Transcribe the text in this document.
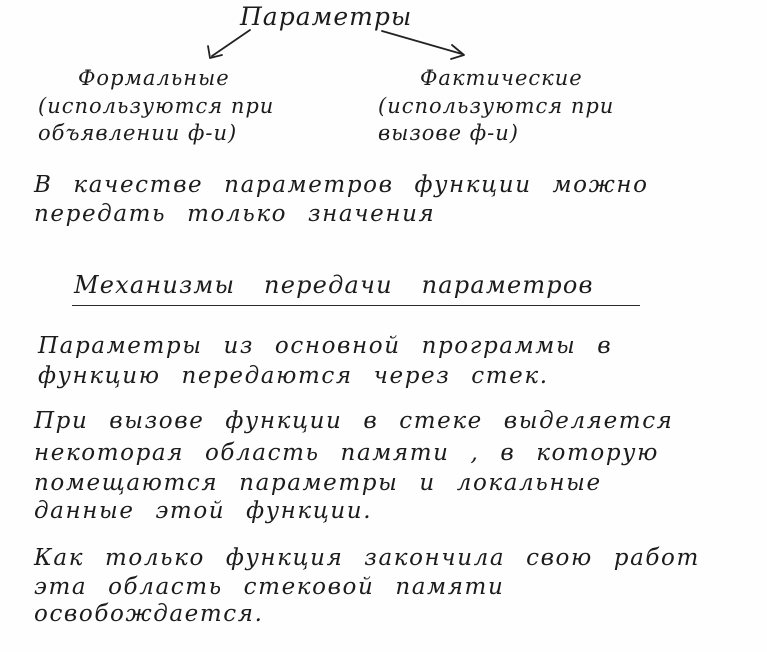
Параметры
Формальные
(используются при
объявлении ф-и)
Фактические
(используются при
вызове ф-и)
В качестве параметров функции можно
передать только значения
Механизмы передачи параметров
Параметры из основной программы в
функцию передаются через стек.
При вызове функции в стеке выделяется
некоторая область памяти , в которую
помещаются параметры и локальные
данные этой функции.
Как только функция закончила свою работ
эта область стековой памяти
освобождается.
